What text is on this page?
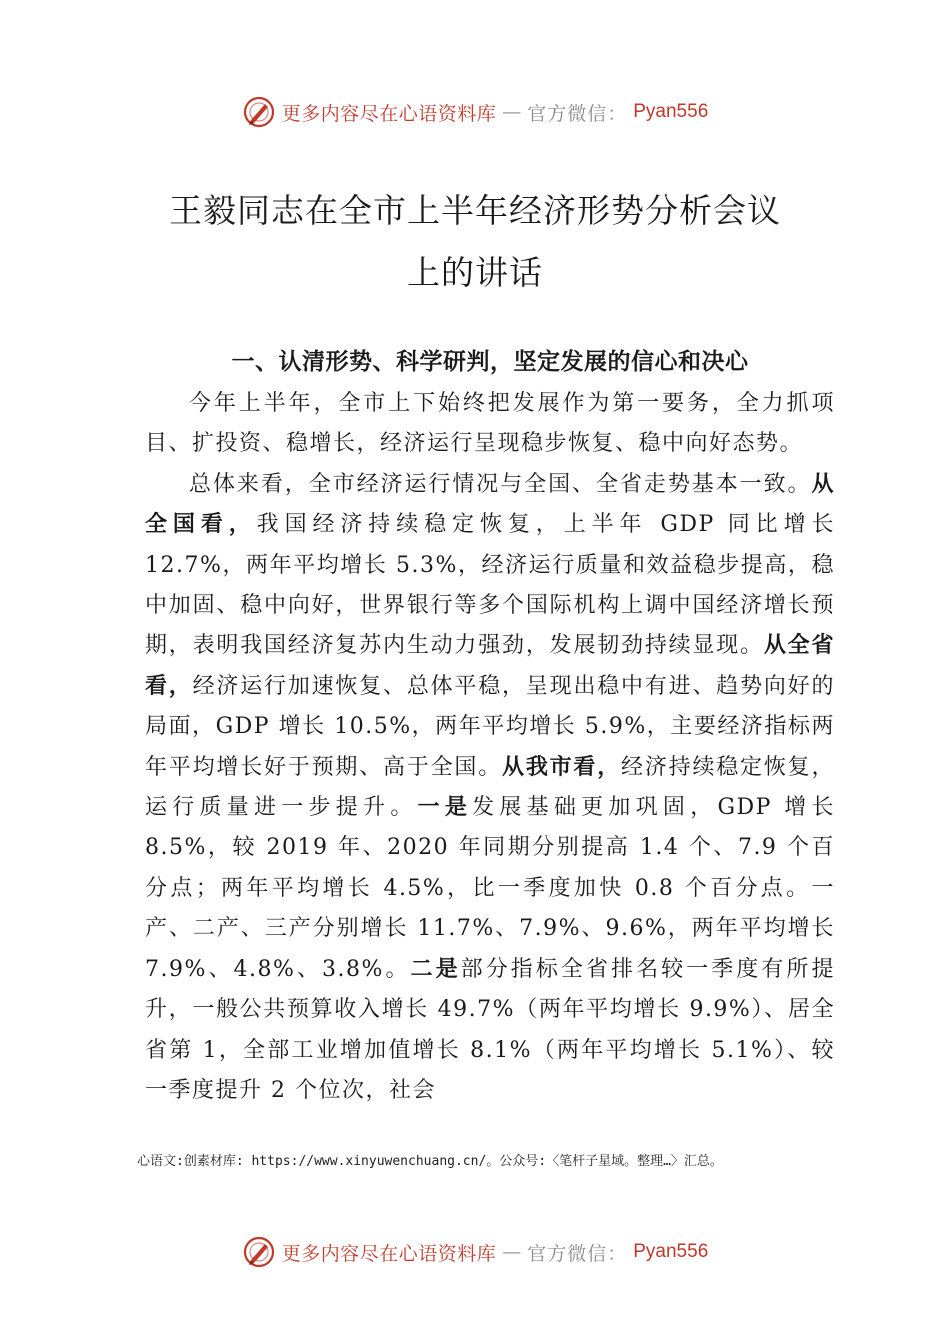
更多内容尽在心语资料库 — 官方微信： Pyan556
王毅同志在全市上半年经济形势分析会议
上的讲话
一、认清形势、科学研判，坚定发展的信心和决心

今年上半年，全市上下始终把发展作为第一要务，全力抓项目、扩投资、稳增长，经济运行呈现稳步恢复、稳中向好态势。

总体来看，全市经济运行情况与全国、全省走势基本一致。从全国看，我国经济持续稳定恢复，上半年 GDP 同比增长 12.7%，两年平均增长 5.3%，经济运行质量和效益稳步提高，稳中加固、稳中向好，世界银行等多个国际机构上调中国经济增长预期，表明我国经济复苏内生动力强劲，发展韧劲持续显现。从全省看，经济运行加速恢复、总体平稳，呈现出稳中有进、趋势向好的局面，GDP 增长 10.5%，两年平均增长 5.9%，主要经济指标两年平均增长好于预期、高于全国。从我市看，经济持续稳定恢复，运行质量进一步提升。一是发展基础更加巩固，GDP 增长 8.5%，较 2019 年、2020 年同期分别提高 1.4 个、7.9 个百分点；两年平均增长 4.5%，比一季度加快 0.8 个百分点。一产、二产、三产分别增长 11.7%、7.9%、9.6%，两年平均增长 7.9%、4.8%、3.8%。二是部分指标全省排名较一季度有所提升，一般公共预算收入增长 49.7%（两年平均增长 9.9%）、居全省第 1，全部工业增加值增长 8.1%（两年平均增长 5.1%）、较一季度提升 2 个位次，社会

心语文:创素材库: https://www.xinyuwenchuang.cn/。公众号:〈笔杆子星域。整理…〉汇总。
更多内容尽在心语资料库 — 官方微信： Pyan556
